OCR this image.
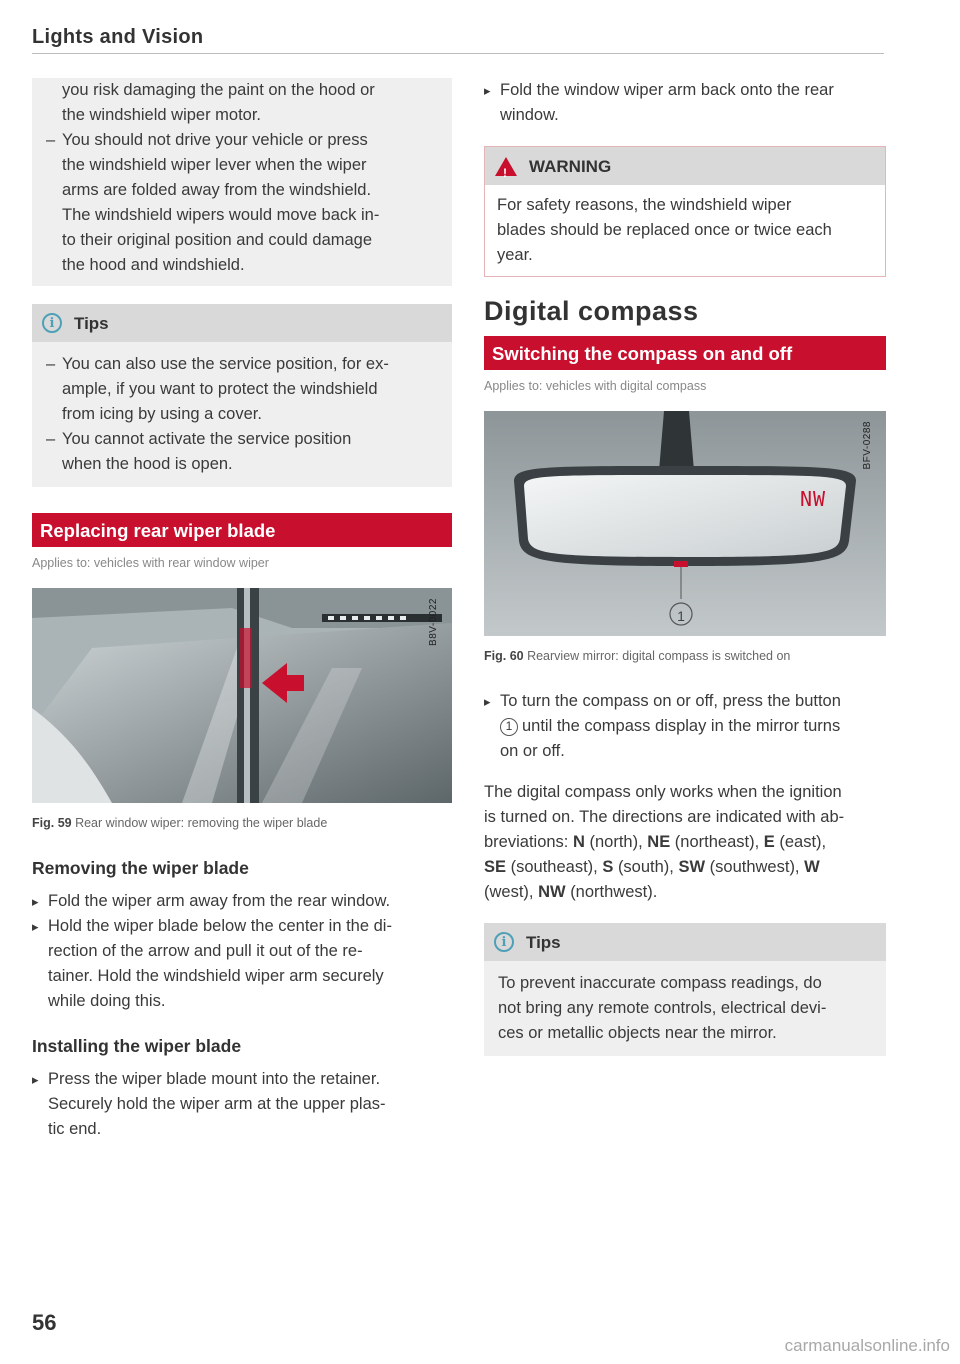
Lights and Vision
you risk damaging the paint on the hood or
the windshield wiper motor.
– You should not drive your vehicle or press
the windshield wiper lever when the wiper
arms are folded away from the windshield.
The windshield wipers would move back in-
to their original position and could damage
the hood and windshield.
i	Tips
– You can also use the service position, for ex-
ample, if you want to protect the windshield
from icing by using a cover.
– You cannot activate the service position
when the hood is open.
Replacing rear wiper blade
Applies to: vehicles with rear window wiper
B8V-0022
Fig. 59 Rear window wiper: removing the wiper blade
Removing the wiper blade
▸ Fold the wiper arm away from the rear window.
▸ Hold the wiper blade below the center in the di-
rection of the arrow and pull it out of the re-
tainer. Hold the windshield wiper arm securely
while doing this.
Installing the wiper blade
▸ Press the wiper blade mount into the retainer.
Securely hold the wiper arm at the upper plas-
tic end.
▸ Fold the window wiper arm back onto the rear
window.
!
WARNING
For safety reasons, the windshield wiper
blades should be replaced once or twice each
year.
Digital compass
Switching the compass on and off
Applies to: vehicles with digital compass
NW
1
BFV-0288
Fig. 60 Rearview mirror: digital compass is switched on
▸ To turn the compass on or off, press the button
1 until the compass display in the mirror turns
on or off.
The digital compass only works when the ignition
is turned on. The directions are indicated with ab-
breviations: N (north), NE (northeast), E (east),
SE (southeast), S (south), SW (southwest), W
(west), NW (northwest).
i	Tips
To prevent inaccurate compass readings, do
not bring any remote controls, electrical devi-
ces or metallic objects near the mirror.
56
carmanualsonline.info
